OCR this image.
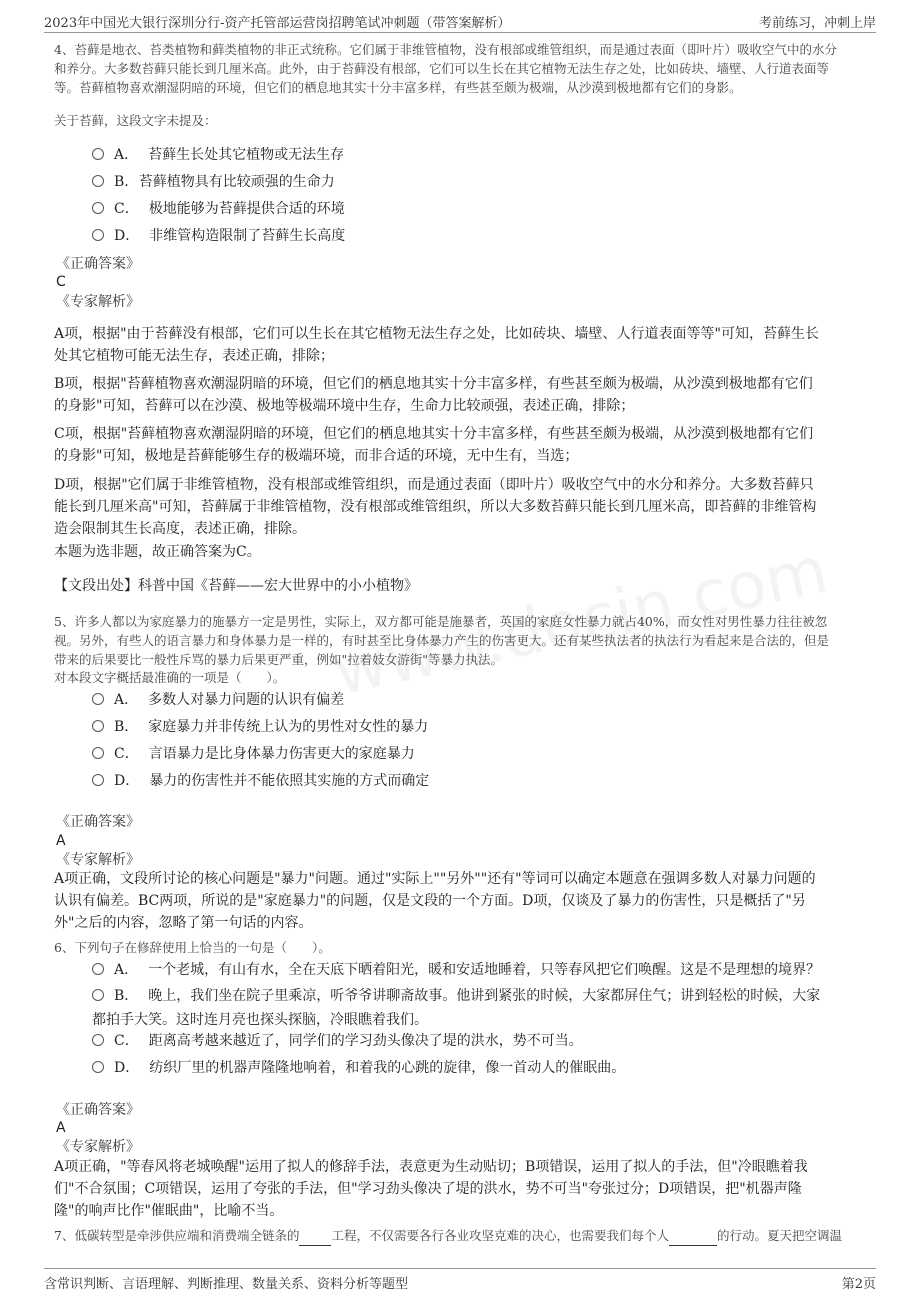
2023年中国光大银行深圳分行-资产托管部运营岗招聘笔试冲刺题（带答案解析）	考前练习，冲刺上岸
4、苔藓是地衣、苔类植物和藓类植物的非正式统称。它们属于非维管植物，没有根部或维管组织，而是通过表面（即叶片）吸收空气中的水分
和养分。大多数苔藓只能长到几厘米高。此外，由于苔藓没有根部，它们可以生长在其它植物无法生存之处，比如砖块、墙壁、人行道表面等
等。苔藓植物喜欢潮湿阴暗的环境，但它们的栖息地其实十分丰富多样，有些甚至颇为极端，从沙漠到极地都有它们的身影。
关于苔藓，这段文字未提及：
A． 苔藓生长处其它植物或无法生存
B. 苔藓植物具有比较顽强的生命力
C． 极地能够为苔藓提供合适的环境
D． 非维管构造限制了苔藓生长高度
《正确答案》
C
《专家解析》
A项，根据"由于苔藓没有根部，它们可以生长在其它植物无法生存之处，比如砖块、墙壁、人行道表面等等"可知，苔藓生长
处其它植物可能无法生存，表述正确，排除；
B项，根据"苔藓植物喜欢潮湿阴暗的环境，但它们的栖息地其实十分丰富多样，有些甚至颇为极端，从沙漠到极地都有它们
的身影"可知，苔藓可以在沙漠、极地等极端环境中生存，生命力比较顽强，表述正确，排除；
C项，根据"苔藓植物喜欢潮湿阴暗的环境，但它们的栖息地其实十分丰富多样，有些甚至颇为极端，从沙漠到极地都有它们
的身影"可知，极地是苔藓能够生存的极端环境，而非合适的环境，无中生有，当选；
D项，根据"它们属于非维管植物，没有根部或维管组织，而是通过表面（即叶片）吸收空气中的水分和养分。大多数苔藓只
能长到几厘米高"可知，苔藓属于非维管植物，没有根部或维管组织，所以大多数苔藓只能长到几厘米高，即苔藓的非维管构
造会限制其生长高度，表述正确，排除。
本题为选非题，故正确答案为C。
【文段出处】科普中国《苔藓——宏大世界中的小小植物》
5、许多人都以为家庭暴力的施暴方一定是男性，实际上，双方都可能是施暴者，英国的家庭女性暴力就占40%，而女性对男性暴力往往被忽
视。另外，有些人的语言暴力和身体暴力是一样的，有时甚至比身体暴力产生的伤害更大。还有某些执法者的执法行为看起来是合法的，但是
带来的后果要比一般性斥骂的暴力后果更严重，例如"拉着妓女游街"等暴力执法。
对本段文字概括最准确的一项是（　　）。
A． 多数人对暴力问题的认识有偏差
B． 家庭暴力并非传统上认为的男性对女性的暴力
C． 言语暴力是比身体暴力伤害更大的家庭暴力
D． 暴力的伤害性并不能依照其实施的方式而确定
《正确答案》
A
《专家解析》
A项正确，文段所讨论的核心问题是"暴力"问题。通过"实际上""另外""还有"等词可以确定本题意在强调多数人对暴力问题的
认识有偏差。BC两项，所说的是"家庭暴力"的问题，仅是文段的一个方面。D项，仅谈及了暴力的伤害性，只是概括了"另
外"之后的内容，忽略了第一句话的内容。
6、下列句子在修辞使用上恰当的一句是（　　）。
A． 一个老城，有山有水，全在天底下晒着阳光，暖和安适地睡着，只等春风把它们唤醒。这是不是理想的境界？
B． 晚上，我们坐在院子里乘凉，听爷爷讲聊斋故事。他讲到紧张的时候，大家都屏住气；讲到轻松的时候，大家
都拍手大笑。这时连月亮也探头探脑，冷眼瞧着我们。
C． 距离高考越来越近了，同学们的学习劲头像决了堤的洪水，势不可当。
D． 纺织厂里的机器声隆隆地响着，和着我的心跳的旋律，像一首动人的催眠曲。
《正确答案》
A
《专家解析》
A项正确，"等春风将老城唤醒"运用了拟人的修辞手法，表意更为生动贴切；B项错误，运用了拟人的手法，但"冷眼瞧着我
们"不合氛围；C项错误，运用了夸张的手法，但"学习劲头像决了堤的洪水，势不可当"夸张过分；D项错误，把"机器声隆
隆"的响声比作"催眠曲"，比喻不当。
7、低碳转型是牵涉供应端和消费端全链条的	工程，不仅需要各行各业攻坚克难的决心，也需要我们每个人	的行动。夏天把空调温
含常识判断、言语理解、判断推理、数量关系、资料分析等题型	第2页
